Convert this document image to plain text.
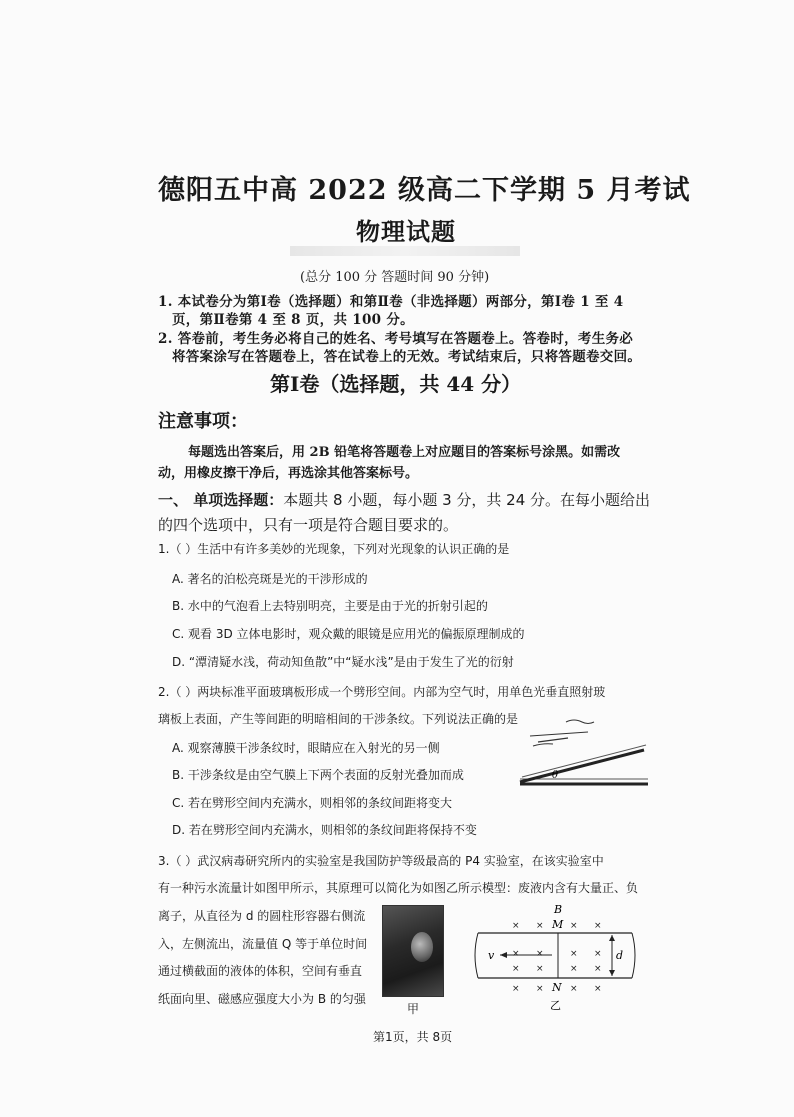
德阳五中高 2022 级高二下学期 5 月考试
物理试题
(总分 100 分 答题时间 90 分钟)
1. 本试卷分为第Ⅰ卷（选择题）和第Ⅱ卷（非选择题）两部分，第Ⅰ卷 1 至 4
页，第Ⅱ卷第 4 至 8 页，共 100 分。
2. 答卷前，考生务必将自己的姓名、考号填写在答题卷上。答卷时，考生务必
将答案涂写在答题卷上，答在试卷上的无效。考试结束后，只将答题卷交回。
第Ⅰ卷（选择题，共 44 分）
注意事项：
每题选出答案后，用 2B 铅笔将答题卷上对应题目的答案标号涂黑。如需改
动，用橡皮擦干净后，再选涂其他答案标号。
一、 单项选择题：本题共 8 小题，每小题 3 分，共 24 分。在每小题给出
的四个选项中，只有一项是符合题目要求的。
1.（ ）生活中有许多美妙的光现象，下列对光现象的认识正确的是
A. 著名的泊松亮斑是光的干涉形成的
B. 水中的气泡看上去特别明亮，主要是由于光的折射引起的
C. 观看 3D 立体电影时，观众戴的眼镜是应用光的偏振原理制成的
D. “潭清疑水浅，荷动知鱼散”中“疑水浅”是由于发生了光的衍射
2.（ ）两块标准平面玻璃板形成一个劈形空间。内部为空气时，用单色光垂直照射玻
璃板上表面，产生等间距的明暗相间的干涉条纹。下列说法正确的是
A. 观察薄膜干涉条纹时，眼睛应在入射光的另一侧
B. 干涉条纹是由空气膜上下两个表面的反射光叠加而成
C. 若在劈形空间内充满水，则相邻的条纹间距将变大
D. 若在劈形空间内充满水，则相邻的条纹间距将保持不变
θ
3.（ ）武汉病毒研究所内的实验室是我国防护等级最高的 P4 实验室，在该实验室中
有一种污水流量计如图甲所示，其原理可以简化为如图乙所示模型：废液内含有大量正、负
离子，从直径为 d 的圆柱形容器右侧流
入，左侧流出，流量值 Q 等于单位时间
通过横截面的液体的体积，空间有垂直
纸面向里、磁感应强度大小为 B 的匀强
甲
B
× ×	× ×
× ×	× ×
× ×	× ×
× ×	× ×
M
N
v	d
乙
第1页，共 8页
